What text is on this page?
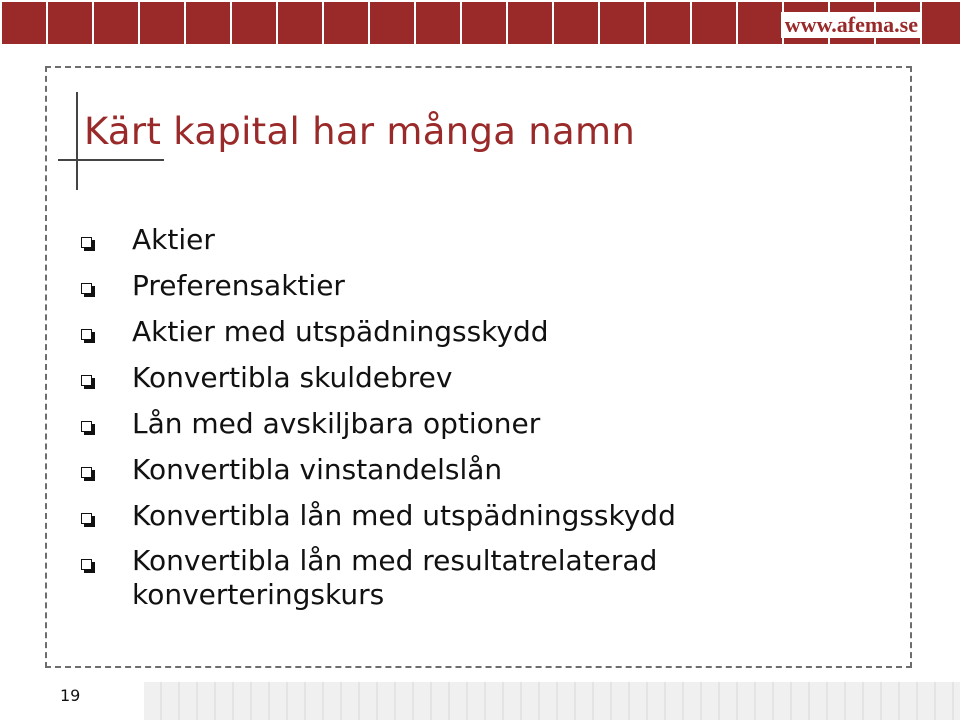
www.afema.se
Kärt kapital har många namn
Aktier
Preferensaktier
Aktier med utspädningsskydd
Konvertibla skuldebrev
Lån med avskiljbara optioner
Konvertibla vinstandelslån
Konvertibla lån med utspädningsskydd
Konvertibla lån med resultatrelaterad konverteringskurs
19
